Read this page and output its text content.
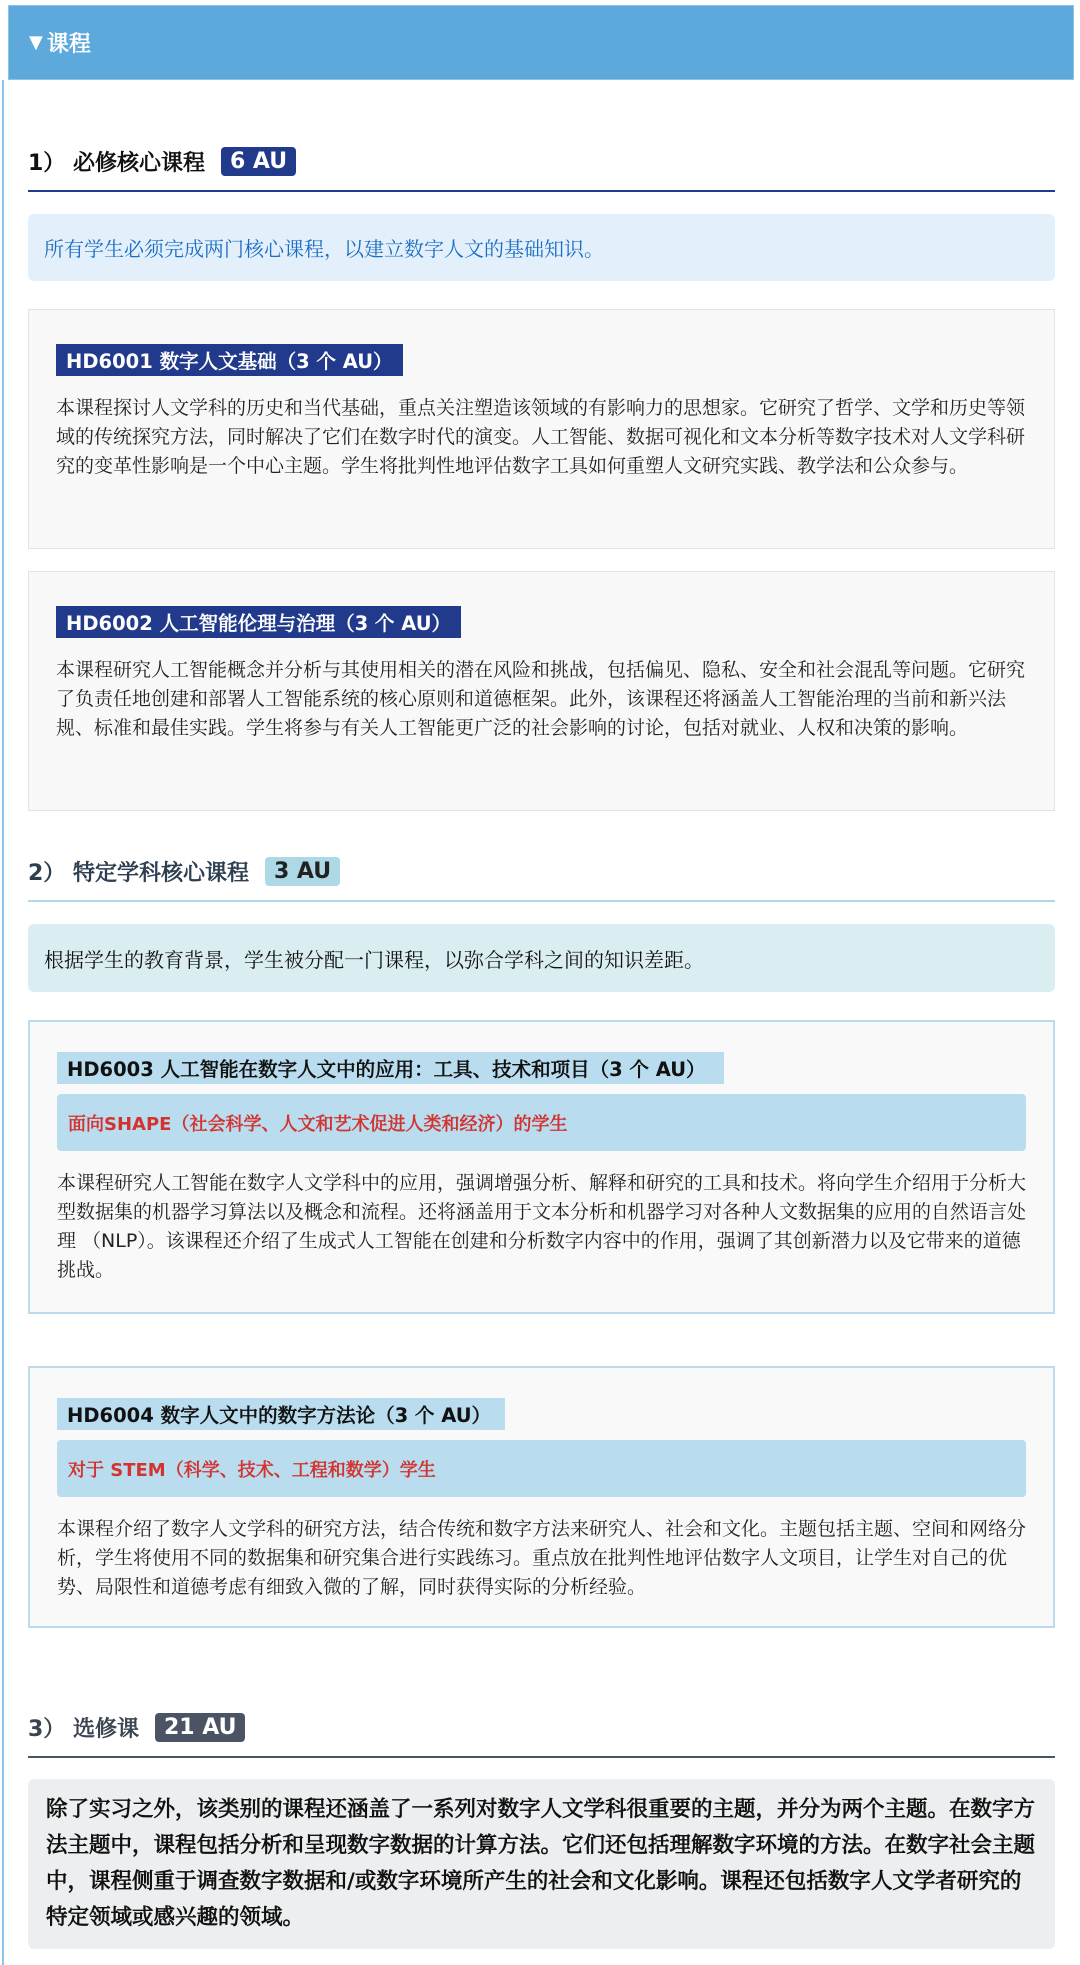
▼ 课程
1） 必修核心课程	6 AU
所有学生必须完成两门核心课程，以建立数字人文的基础知识。
HD6001 数字人文基础（3 个 AU）
本课程探讨人文学科的历史和当代基础，重点关注塑造该领域的有影响力的思想家。它研究了哲学、文学和历史等领域的传统探究方法，同时解决了它们在数字时代的演变。人工智能、数据可视化和文本分析等数字技术对人文学科研究的变革性影响是一个中心主题。学生将批判性地评估数字工具如何重塑人文研究实践、教学法和公众参与。
HD6002 人工智能伦理与治理（3 个 AU）
本课程研究人工智能概念并分析与其使用相关的潜在风险和挑战，包括偏见、隐私、安全和社会混乱等问题。它研究了负责任地创建和部署人工智能系统的核心原则和道德框架。此外，该课程还将涵盖人工智能治理的当前和新兴法规、标准和最佳实践。学生将参与有关人工智能更广泛的社会影响的讨论，包括对就业、人权和决策的影响。
2） 特定学科核心课程	3 AU
根据学生的教育背景，学生被分配一门课程，以弥合学科之间的知识差距。
HD6003 人工智能在数字人文中的应用：工具、技术和项目（3 个 AU）
面向SHAPE（社会科学、人文和艺术促进人类和经济）的学生
本课程研究人工智能在数字人文学科中的应用，强调增强分析、解释和研究的工具和技术。将向学生介绍用于分析大型数据集的机器学习算法以及概念和流程。还将涵盖用于文本分析和机器学习对各种人文数据集的应用的自然语言处理 （NLP）。该课程还介绍了生成式人工智能在创建和分析数字内容中的作用，强调了其创新潜力以及它带来的道德挑战。
HD6004 数字人文中的数字方法论（3 个 AU）
对于 STEM（科学、技术、工程和数学）学生
本课程介绍了数字人文学科的研究方法，结合传统和数字方法来研究人、社会和文化。主题包括主题、空间和网络分析，学生将使用不同的数据集和研究集合进行实践练习。重点放在批判性地评估数字人文项目，让学生对自己的优势、局限性和道德考虑有细致入微的了解，同时获得实际的分析经验。
3） 选修课	21 AU
除了实习之外，该类别的课程还涵盖了一系列对数字人文学科很重要的主题，并分为两个主题。在数字方法主题中，课程包括分析和呈现数字数据的计算方法。它们还包括理解数字环境的方法。在数字社会主题中，课程侧重于调查数字数据和/或数字环境所产生的社会和文化影响。课程还包括数字人文学者研究的特定领域或感兴趣的领域。
